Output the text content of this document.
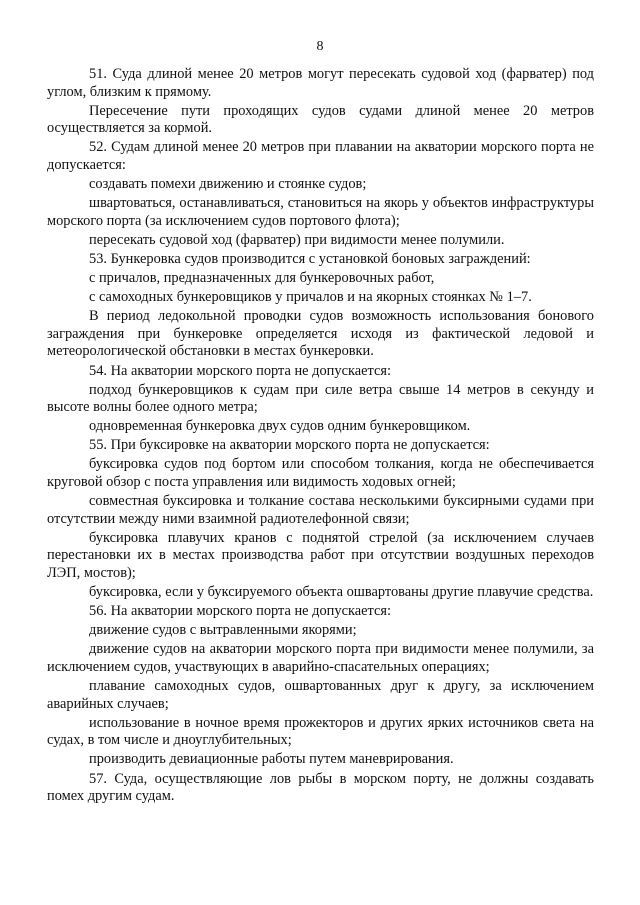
8

51. Суда длиной менее 20 метров могут пересекать судовой ход (фарватер) под углом, близким к прямому.

Пересечение пути проходящих судов судами длиной менее 20 метров осуществляется за кормой.

52. Судам длиной менее 20 метров при плавании на акватории морского порта не допускается:

создавать помехи движению и стоянке судов;

швартоваться, останавливаться, становиться на якорь у объектов инфраструктуры морского порта (за исключением судов портового флота);

пересекать судовой ход (фарватер) при видимости менее полумили.

53. Бункеровка судов производится с установкой боновых заграждений:

с причалов, предназначенных для бункеровочных работ,

с самоходных бункеровщиков у причалов и на якорных стоянках № 1–7.

В период ледокольной проводки судов возможность использования бонового заграждения при бункеровке определяется исходя из фактической ледовой и метеорологической обстановки в местах бункеровки.

54. На акватории морского порта не допускается:

подход бункеровщиков к судам при силе ветра свыше 14 метров в секунду и высоте волны более одного метра;

одновременная бункеровка двух судов одним бункеровщиком.

55. При буксировке на акватории морского порта не допускается:

буксировка судов под бортом или способом толкания, когда не обеспечивается круговой обзор с поста управления или видимость ходовых огней;

совместная буксировка и толкание состава несколькими буксирными судами при отсутствии между ними взаимной радиотелефонной связи;

буксировка плавучих кранов с поднятой стрелой (за исключением случаев перестановки их в местах производства работ при отсутствии воздушных переходов ЛЭП, мостов);

буксировка, если у буксируемого объекта ошвартованы другие плавучие средства.

56. На акватории морского порта не допускается:

движение судов с вытравленными якорями;

движение судов на акватории морского порта при видимости менее полумили, за исключением судов, участвующих в аварийно-спасательных операциях;

плавание самоходных судов, ошвартованных друг к другу, за исключением аварийных случаев;

использование в ночное время прожекторов и других ярких источников света на судах, в том числе и дноуглубительных;

производить девиационные работы путем маневрирования.

57. Суда, осуществляющие лов рыбы в морском порту, не должны создавать помех другим судам.
